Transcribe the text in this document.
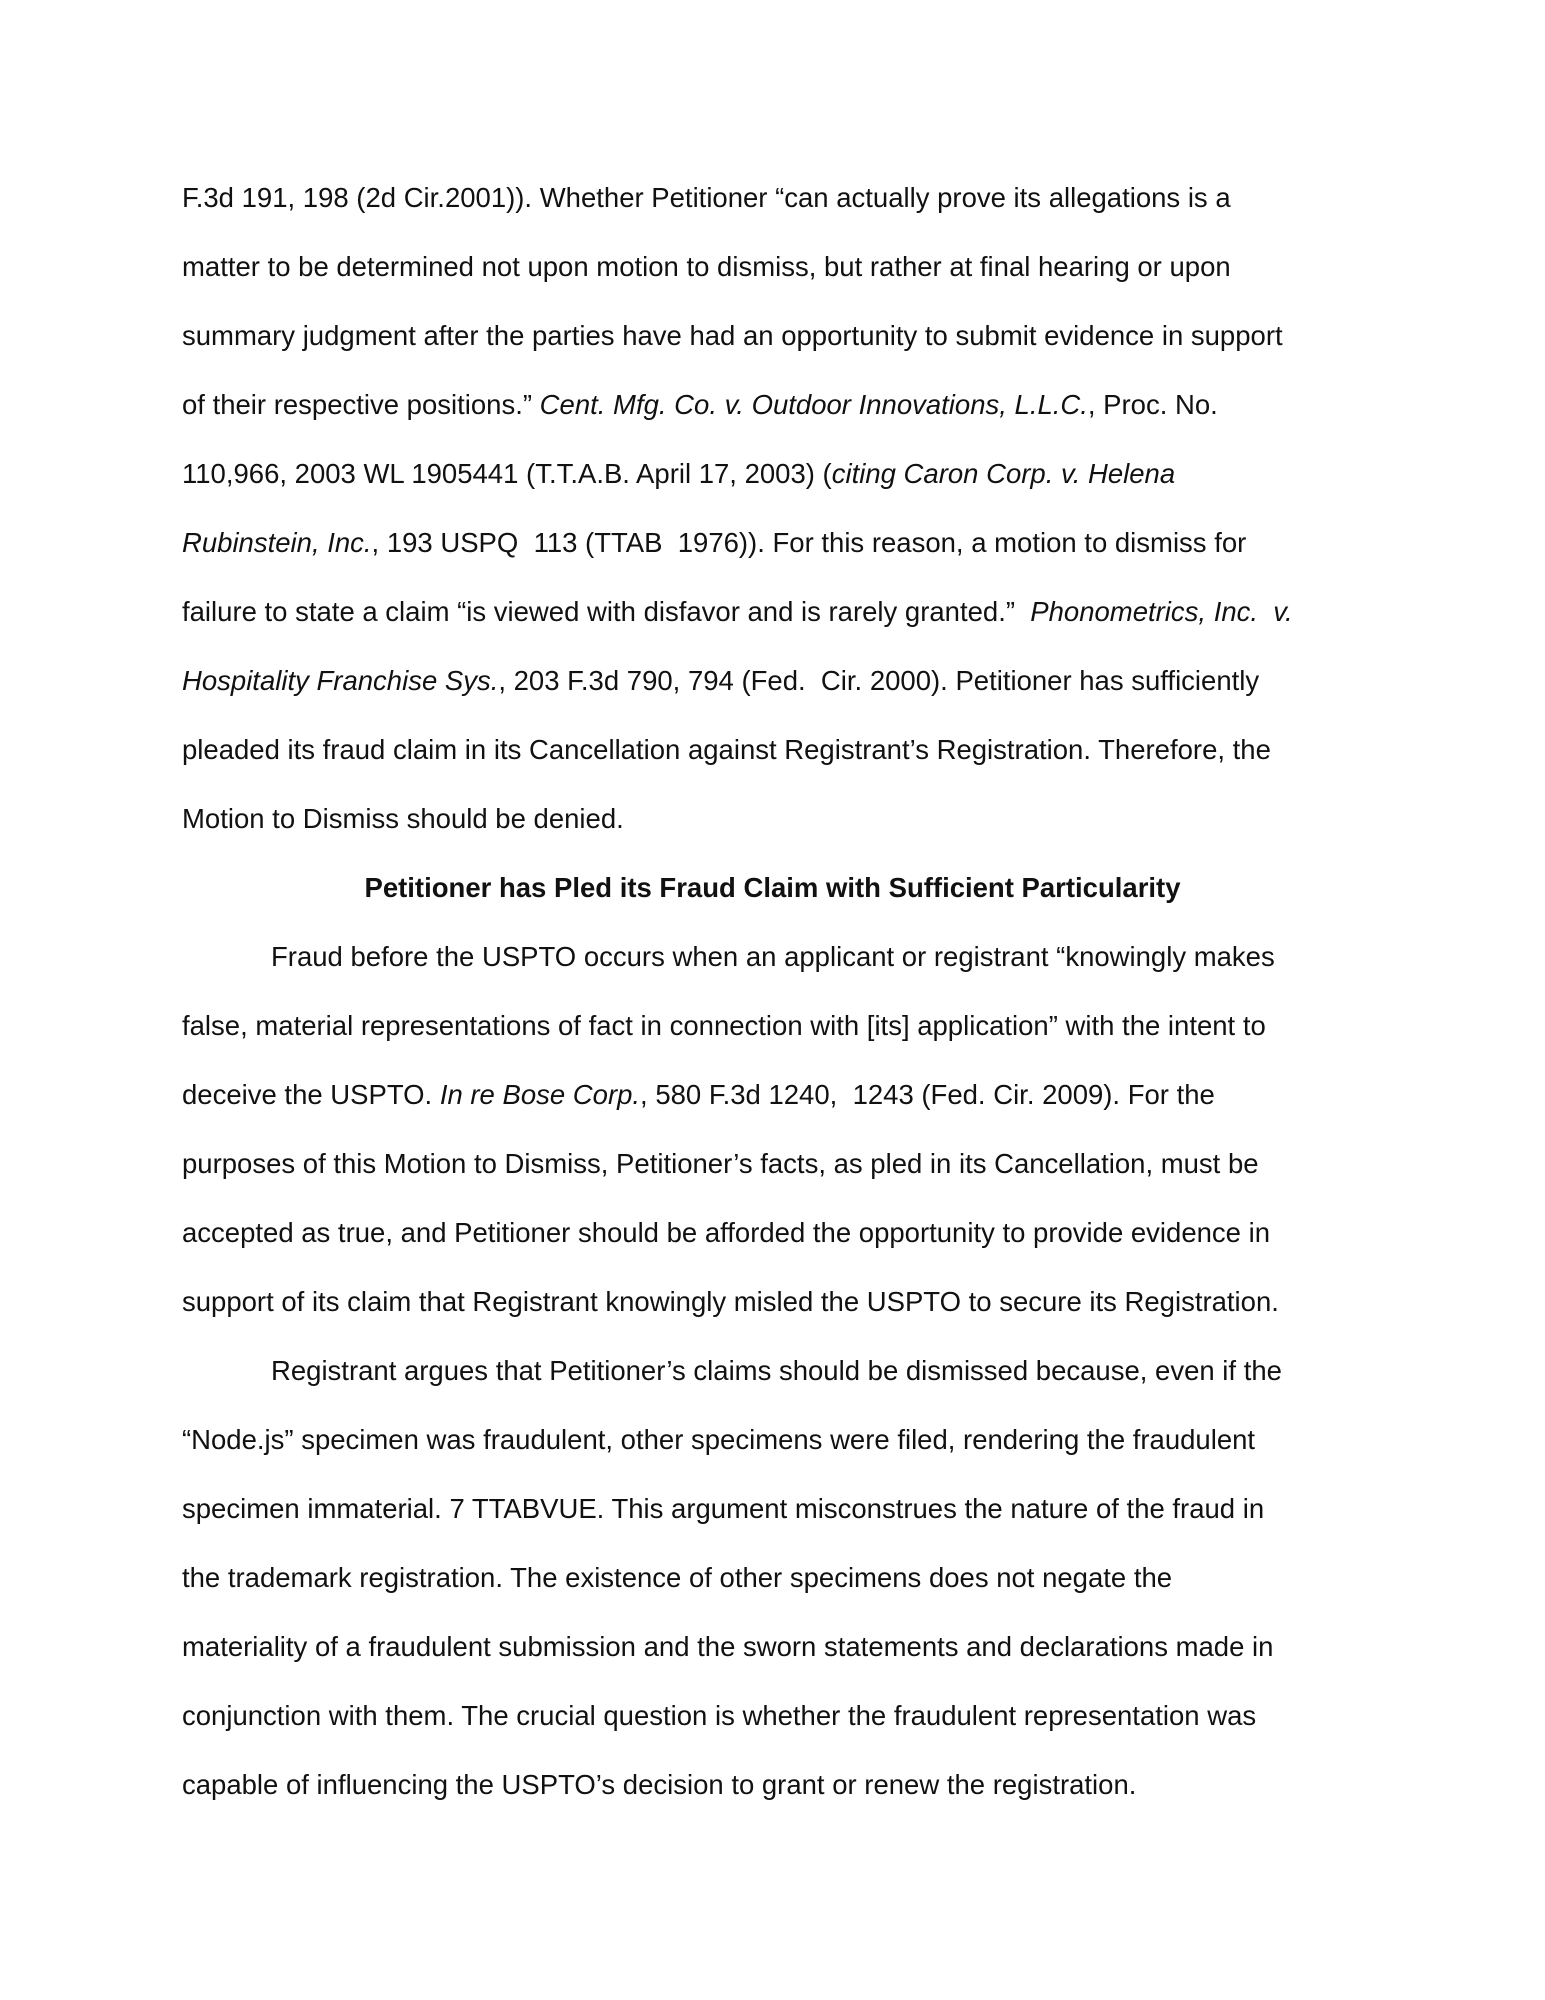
F.3d 191, 198 (2d Cir.2001)). Whether Petitioner “can actually prove its allegations is a
matter to be determined not upon motion to dismiss, but rather at final hearing or upon
summary judgment after the parties have had an opportunity to submit evidence in support
of their respective positions.” Cent. Mfg. Co. v. Outdoor Innovations, L.L.C., Proc. No.
110,966, 2003 WL 1905441 (T.T.A.B. April 17, 2003) (citing Caron Corp. v. Helena
Rubinstein, Inc., 193 USPQ  113 (TTAB  1976)). For this reason, a motion to dismiss for
failure to state a claim “is viewed with disfavor and is rarely granted.”  Phonometrics, Inc.  v.
Hospitality Franchise Sys., 203 F.3d 790, 794 (Fed.  Cir. 2000). Petitioner has sufficiently
pleaded its fraud claim in its Cancellation against Registrant’s Registration. Therefore, the
Motion to Dismiss should be denied.
Petitioner has Pled its Fraud Claim with Sufficient Particularity
Fraud before the USPTO occurs when an applicant or registrant “knowingly makes
false, material representations of fact in connection with [its] application” with the intent to
deceive the USPTO. In re Bose Corp., 580 F.3d 1240,  1243 (Fed. Cir. 2009). For the
purposes of this Motion to Dismiss, Petitioner’s facts, as pled in its Cancellation, must be
accepted as true, and Petitioner should be afforded the opportunity to provide evidence in
support of its claim that Registrant knowingly misled the USPTO to secure its Registration.
Registrant argues that Petitioner’s claims should be dismissed because, even if the
“Node.js” specimen was fraudulent, other specimens were filed, rendering the fraudulent
specimen immaterial. 7 TTABVUE. This argument misconstrues the nature of the fraud in
the trademark registration. The existence of other specimens does not negate the
materiality of a fraudulent submission and the sworn statements and declarations made in
conjunction with them. The crucial question is whether the fraudulent representation was
capable of influencing the USPTO’s decision to grant or renew the registration.
